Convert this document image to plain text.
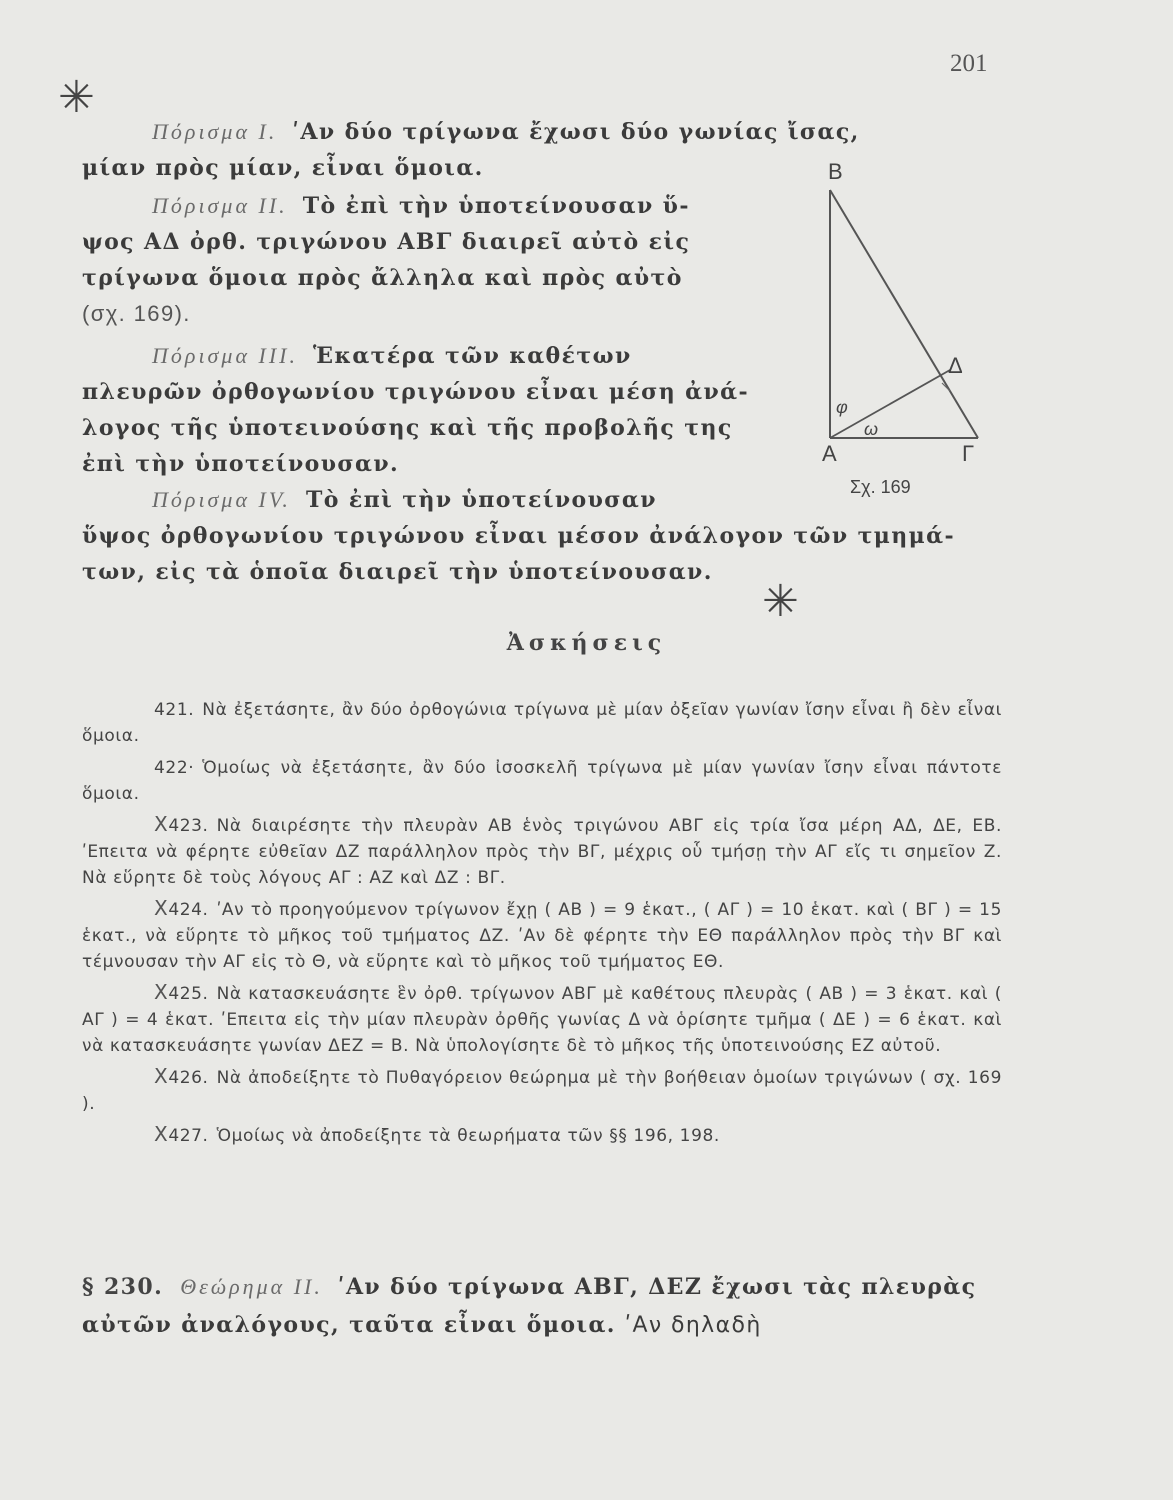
201
✳
✳
Πόρισμα I. ʹΑν δύο τρίγωνα ἔχωσι δύο γωνίας ἴσας,
μίαν πρὸς μίαν, εἶναι ὅμοια.
Πόρισμα II. Τὸ ἐπὶ τὴν ὑποτείνουσαν ὕ-
ψος ΑΔ ὀρθ. τριγώνου ΑΒΓ διαιρεῖ αὐτὸ εἰς
τρίγωνα ὅμοια πρὸς ἄλληλα καὶ πρὸς αὐτὸ
(σχ. 169).
Πόρισμα III. Ἑκατέρα τῶν καθέτων
πλευρῶν ὀρθογωνίου τριγώνου εἶναι μέση ἀνά-
λογος τῆς ὑποτεινούσης καὶ τῆς προβολῆς της
ἐπὶ τὴν ὑποτείνουσαν.
Πόρισμα IV. Τὸ ἐπὶ τὴν ὑποτείνουσαν
ὕψος ὀρθογωνίου τριγώνου εἶναι μέσον ἀνάλογον τῶν τμημά-
των, εἰς τὰ ὁποῖα διαιρεῖ τὴν ὑποτείνουσαν.
Β
Α	Γ
Δ
φ
ω
Σχ. 169
Ἀσκήσεις

421. Νὰ ἐξετάσητε, ἂν δύο ὀρθογώνια τρίγωνα μὲ μίαν ὀξεῖαν γωνίαν ἴσην εἶναι ἢ δὲν εἶναι ὅμοια.

422· Ὁμοίως νὰ ἐξετάσητε, ἂν δύο ἰσοσκελῆ τρίγωνα μὲ μίαν γωνίαν ἴσην εἶναι πάντοτε ὅμοια.

X423. Νὰ διαιρέσητε τὴν πλευρὰν ΑΒ ἑνὸς τριγώνου ΑΒΓ εἰς τρία ἴσα μέρη ΑΔ, ΔΕ, ΕΒ. ʹΕπειτα νὰ φέρητε εὐθεῖαν ΔΖ παράλληλον πρὸς τὴν ΒΓ, μέχρις οὗ τμήσῃ τὴν ΑΓ εἴς τι σημεῖον Ζ. Νὰ εὕρητε δὲ τοὺς λόγους ΑΓ : ΑΖ καὶ ΔΖ : ΒΓ.

X424. ʹΑν τὸ προηγούμενον τρίγωνον ἔχῃ ( ΑΒ ) = 9 ἑκατ., ( ΑΓ ) = 10 ἑκατ. καὶ ( ΒΓ ) = 15 ἑκατ., νὰ εὕρητε τὸ μῆκος τοῦ τμήματος ΔΖ. ʹΑν δὲ φέρητε τὴν ΕΘ παράλληλον πρὸς τὴν ΒΓ καὶ τέμνουσαν τὴν ΑΓ εἰς τὸ Θ, νὰ εὕρητε καὶ τὸ μῆκος τοῦ τμήματος ΕΘ.

X425. Νὰ κατασκευάσητε ἓν ὀρθ. τρίγωνον ΑΒΓ μὲ καθέτους πλευρὰς ( ΑΒ ) = 3 ἑκατ. καὶ ( ΑΓ ) = 4 ἑκατ. ʹΕπειτα εἰς τὴν μίαν πλευρὰν ὀρθῆς γωνίας Δ νὰ ὁρίσητε τμῆμα ( ΔΕ ) = 6 ἑκατ. καὶ νὰ κατασκευάσητε γωνίαν ΔΕΖ = Β. Νὰ ὑπολογίσητε δὲ τὸ μῆκος τῆς ὑποτεινούσης ΕΖ αὐτοῦ.

X426. Νὰ ἀποδείξητε τὸ Πυθαγόρειον θεώρημα μὲ τὴν βοήθειαν ὁμοίων τριγώνων ( σχ. 169 ).

X427. Ὁμοίως νὰ ἀποδείξητε τὰ θεωρήματα τῶν §§ 196, 198.

§ 230. Θεώρημα II. ʹΑν δύο τρίγωνα ΑΒΓ, ΔΕΖ ἔχωσι τὰς πλευρὰς αὐτῶν ἀναλόγους, ταῦτα εἶναι ὅμοια. ʹΑν δηλαδὴ
